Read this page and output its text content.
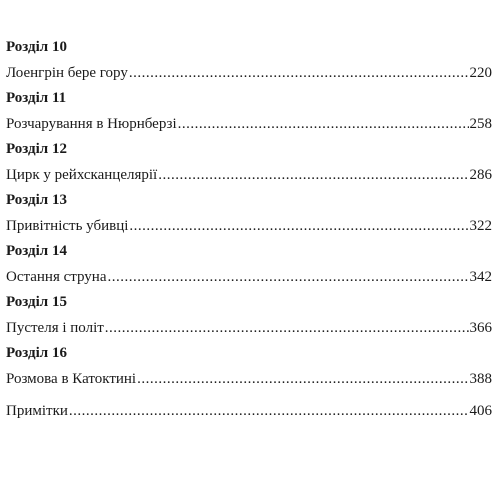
Розділ 10
Лоенгрін бере гору .....	220
Розділ 11
Розчарування в Нюрнберзі .....	258
Розділ 12
Цирк у рейхсканцелярії .....	286
Розділ 13
Привітність убивці .....	322
Розділ 14
Остання струна .....	342
Розділ 15
Пустеля і політ .....	366
Розділ 16
Розмова в Катоктині .....	388
Примітки .....	406
